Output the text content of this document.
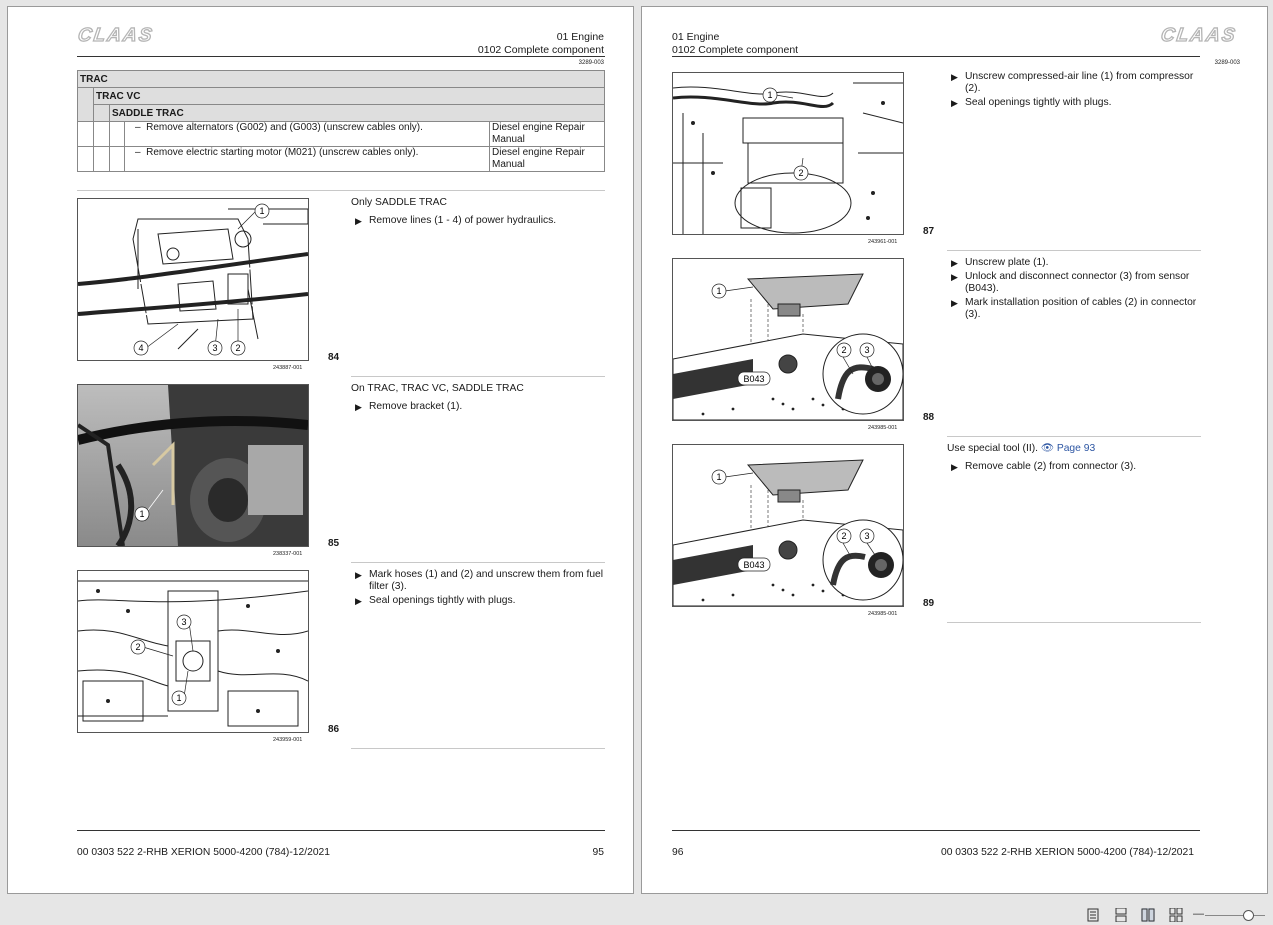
CLAAS	01 Engine
0102 Complete component
3289-003
TRAC				
	TRAC VC			
		SADDLE TRAC		
			– Remove alternators (G002) and (G003) (unscrew cables only).	Diesel engine Repair Manual
			– Remove electric starting motor (M021) (unscrew cables only).	Diesel engine Repair Manual
1
4	3 2
243887-001
84
Only SADDLE TRAC
▶ Remove lines (1 - 4) of power hydraulics.
1
238337-001
85
On TRAC, TRAC VC, SADDLE TRAC
▶ Remove bracket (1).
3
2
1
243959-001
86
▶ Mark hoses (1) and (2) and unscrew them from fuel filter (3).
▶ Seal openings tightly with plugs.
00 0303 522 2-RHB XERION 5000-4200 (784)-12/2021	95
01 Engine
0102 Complete component
CLAAS
3289-003
1
2
243961-001
87
▶ Unscrew compressed-air line (1) from compressor (2).
▶ Seal openings tightly with plugs.
1
2 3
B043
243985-001
88
▶ Unscrew plate (1).
▶ Unlock and disconnect connector (3) from sensor (B043).
▶ Mark installation position of cables (2) in connector (3).
1
2 3
B043
243985-001
89
Use special tool (II). 👁 Page 93
▶ Remove cable (2) from connector (3).
96	00 0303 522 2-RHB XERION 5000-4200 (784)-12/2021
—
